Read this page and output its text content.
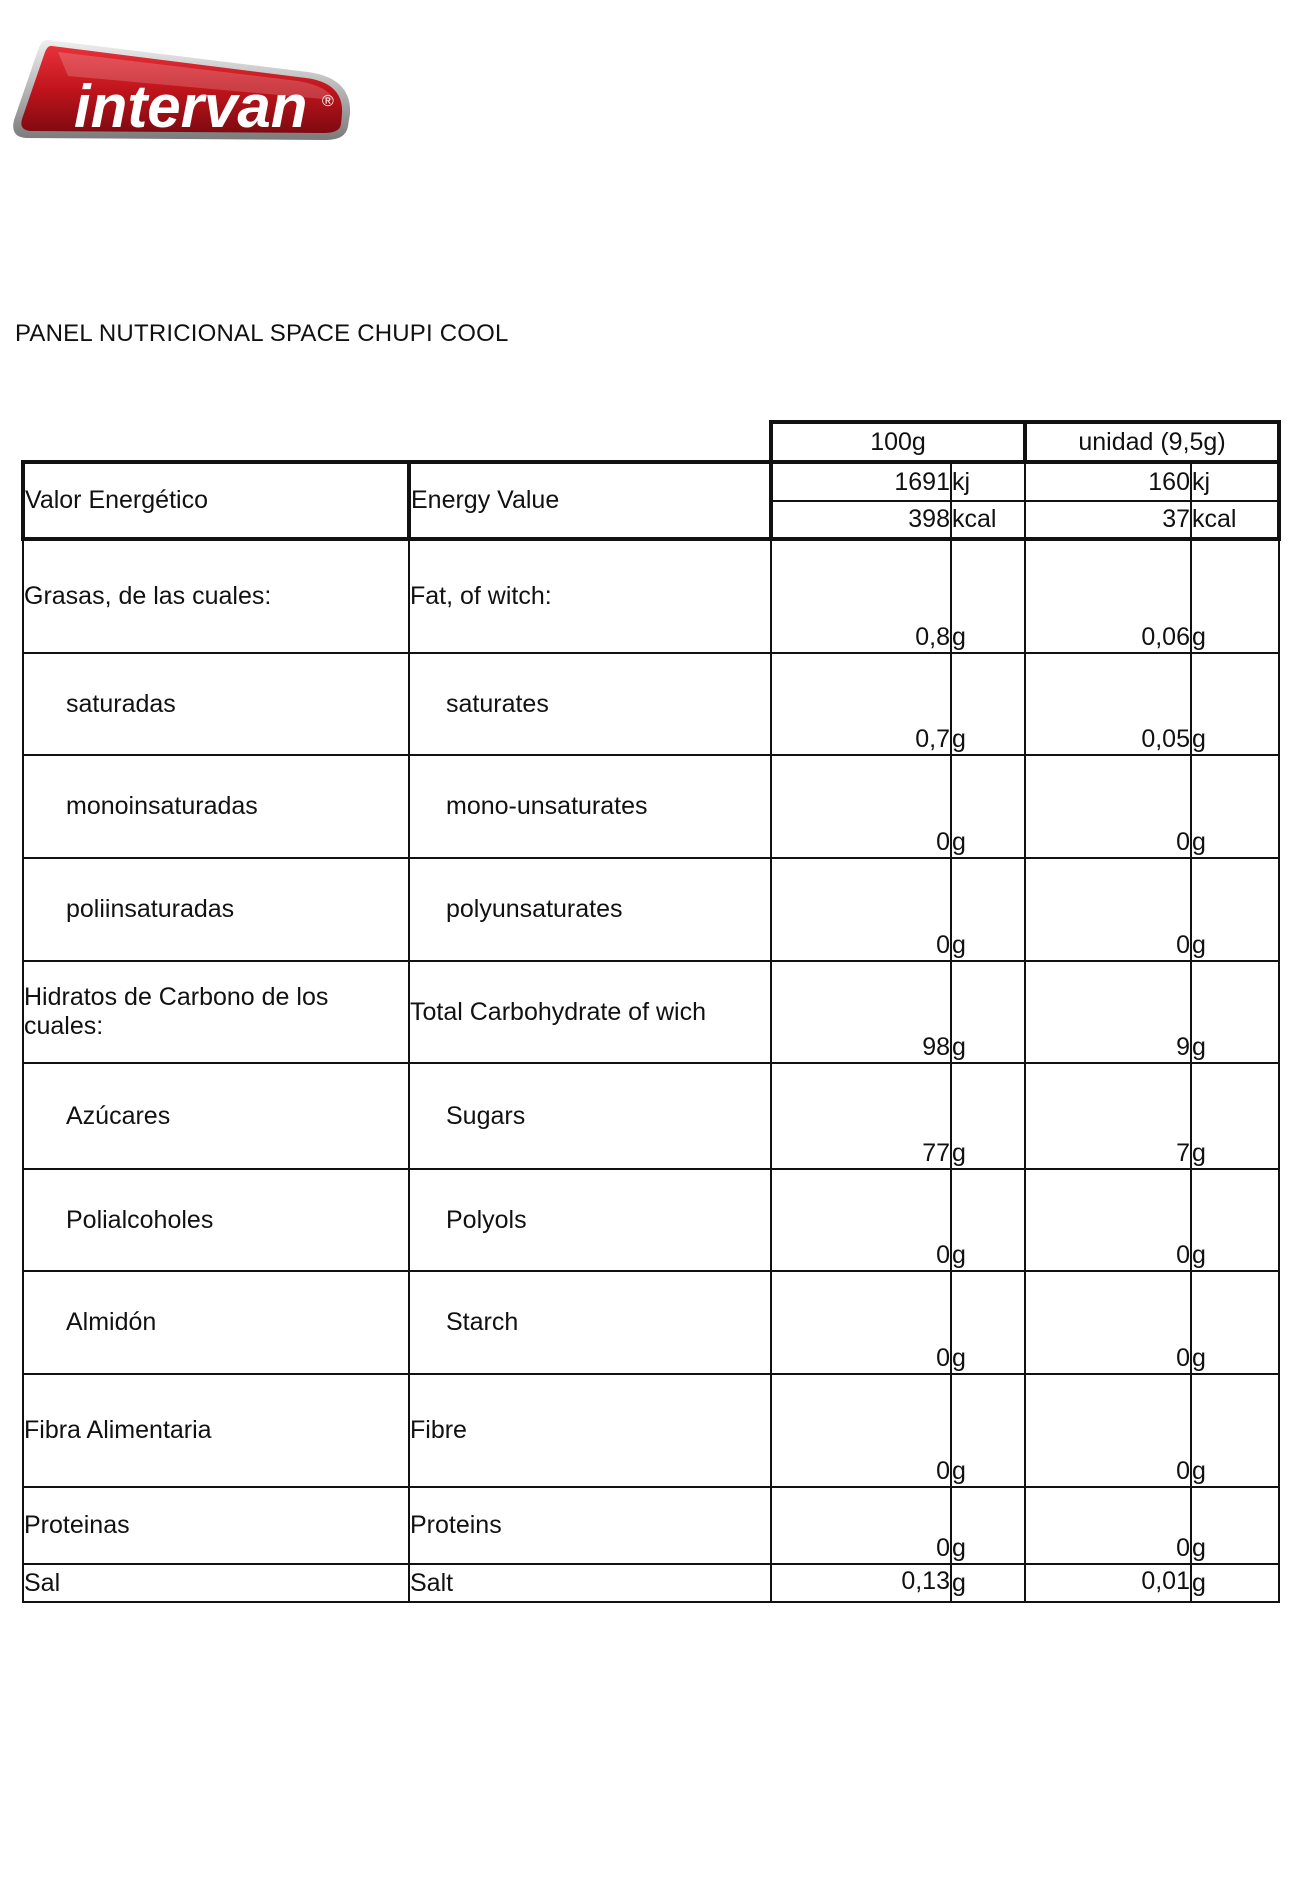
intervan ®
PANEL NUTRICIONAL SPACE CHUPI COOL
		100g		unidad (9,5g)	
Valor Energético	Energy Value	1691	kj	160	kj
		398	kcal	37	kcal
Grasas, de las cuales:	Fat, of witch:	0,8	g	0,06	g
saturadas	saturates	0,7	g	0,05	g
monoinsaturadas	mono-unsaturates	0	g	0	g
poliinsaturadas	polyunsaturates	0	g	0	g
Hidratos de Carbono de los cuales:	Total Carbohydrate of wich	98	g	9	g
Azúcares	Sugars	77	g	7	g
Polialcoholes	Polyols	0	g	0	g
Almidón	Starch	0	g	0	g
Fibra Alimentaria	Fibre	0	g	0	g
Proteinas	Proteins	0	g	0	g
Sal	Salt	0,13	g	0,01	g
